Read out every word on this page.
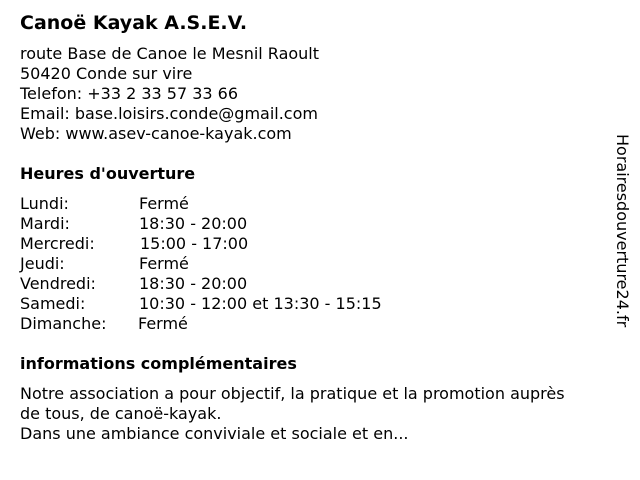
Canoë Kayak A.S.E.V.
route Base de Canoe le Mesnil Raoult
50420 Conde sur vire
Telefon: +33 2 33 57 33 66
Email: base.loisirs.conde@gmail.com
Web: www.asev-canoe-kayak.com
Heures d'ouverture
Lundi:	Fermé
Mardi:	18:30 - 20:00
Mercredi:	15:00 - 17:00
Jeudi:	Fermé
Vendredi:	18:30 - 20:00
Samedi:	10:30 - 12:00 et 13:30 - 15:15
Dimanche: Fermé
informations complémentaires
Notre association a pour objectif, la pratique et la promotion auprès
de tous, de canoë-kayak.
Dans une ambiance conviviale et sociale et en...
Horairesdouverture24.fr
